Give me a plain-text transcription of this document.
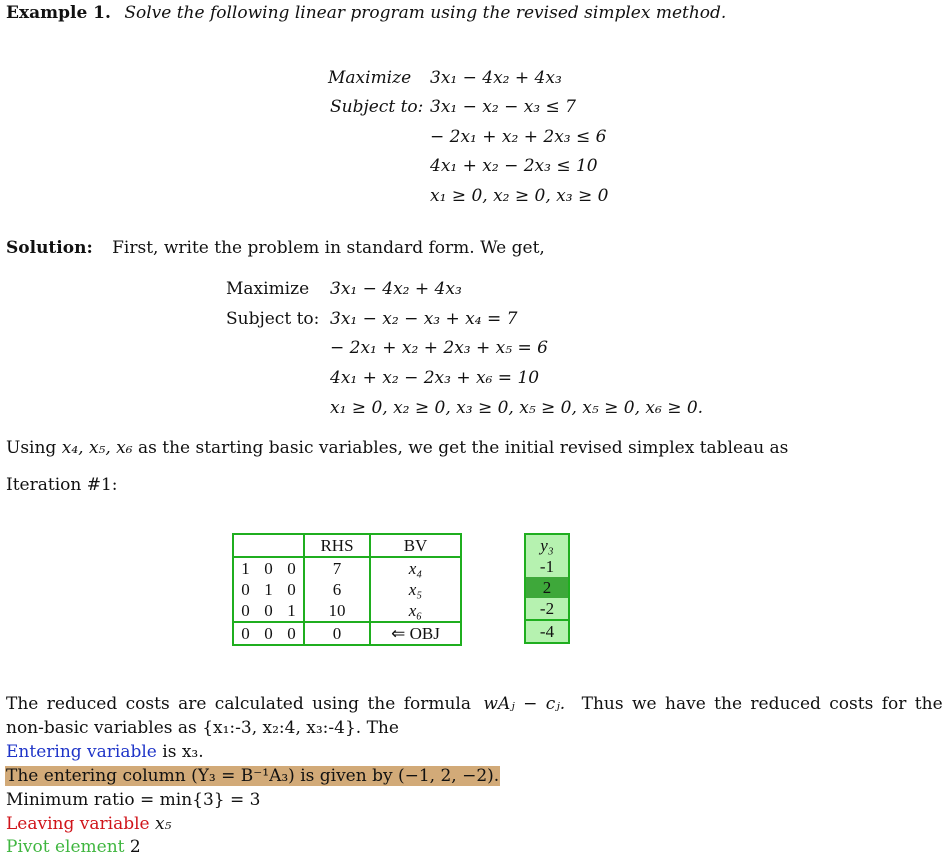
Example 1. Solve the following linear program using the revised simplex method.
Maximize 3x₁ − 4x₂ + 4x₃
Subject to: 3x₁ − x₂ − x₃ ≤ 7
− 2x₁ + x₂ + 2x₃ ≤ 6
4x₁ + x₂ − 2x₃ ≤ 10
x₁ ≥ 0, x₂ ≥ 0, x₃ ≥ 0
Solution: First, write the problem in standard form. We get,
Maximize 3x₁ − 4x₂ + 4x₃
Subject to: 3x₁ − x₂ − x₃ + x₄ = 7
− 2x₁ + x₂ + 2x₃ + x₅ = 6
4x₁ + x₂ − 2x₃ + x₆ = 10
x₁ ≥ 0, x₂ ≥ 0, x₃ ≥ 0, x₅ ≥ 0, x₅ ≥ 0, x₆ ≥ 0.
Using x₄, x₅, x₆ as the starting basic variables, we get the initial revised simplex tableau as
Iteration #1:
			RHS	BV
1	0	0	7	x₄
0	1	0	6	x₅
0	0	1	10	x₆
0	0	0	0	⇐ OBJ
y₃
-1
2
-2
-4
The reduced costs are calculated using the formula wAⱼ − cⱼ. Thus we have the reduced costs for the
non-basic variables as {x₁:-3, x₂:4, x₃:-4}. The
Entering variable is x₃.
The entering column (Y₃ = B⁻¹A₃) is given by (−1, 2, −2).
Minimum ratio = min{3} = 3
Leaving variable x₅
Pivot element 2
